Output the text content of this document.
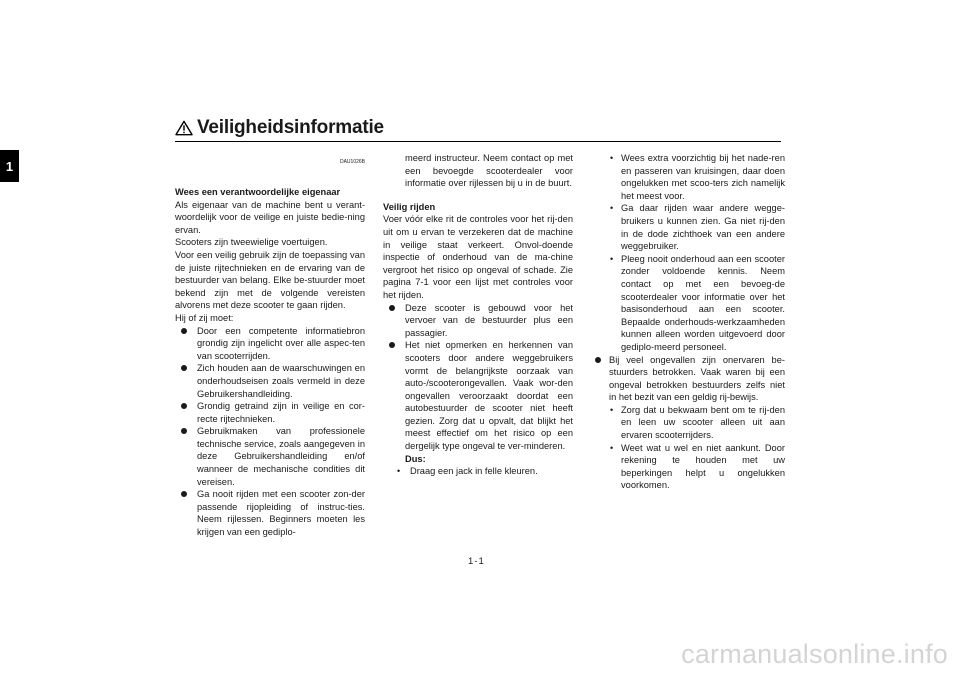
1
Veiligheidsinformatie
DAU1026B

Wees een verantwoordelijke eigenaar

Als eigenaar van de machine bent u verant-woordelijk voor de veilige en juiste bedie-ning ervan.

Scooters zijn tweewielige voertuigen.

Voor een veilig gebruik zijn de toepassing van de juiste rijtechnieken en de ervaring van de bestuurder van belang. Elke be-stuurder moet bekend zijn met de volgende vereisten alvorens met deze scooter te gaan rijden.

Hij of zij moet:

Door een competente informatiebron grondig zijn ingelicht over alle aspec-ten van scooterrijden.
Zich houden aan de waarschuwingen en onderhoudseisen zoals vermeld in deze Gebruikershandleiding.
Grondig getraind zijn in veilige en cor-recte rijtechnieken.
Gebruikmaken van professionele technische service, zoals aangegeven in deze Gebruikershandleiding en/of wanneer de mechanische condities dit vereisen.
Ga nooit rijden met een scooter zon-der passende rijopleiding of instruc-ties. Neem rijlessen. Beginners moeten les krijgen van een gediplo-

meerd instructeur. Neem contact op met een bevoegde scooterdealer voor informatie over rijlessen bij u in de buurt.

Veilig rijden

Voer vóór elke rit de controles voor het rij-den uit om u ervan te verzekeren dat de machine in veilige staat verkeert. Onvol-doende inspectie of onderhoud van de ma-chine vergroot het risico op ongeval of schade. Zie pagina 7-1 voor een lijst met controles voor het rijden.

Deze scooter is gebouwd voor het vervoer van de bestuurder plus een passagier.
Het niet opmerken en herkennen van scooters door andere weggebruikers vormt de belangrijkste oorzaak van auto-/scooterongevallen. Vaak wor-den ongevallen veroorzaakt doordat een autobestuurder de scooter niet heeft gezien. Zorg dat u opvalt, dat blijkt het meest effectief om het risico op een dergelijk type ongeval te ver-minderen.

Dus:

• Draag een jack in felle kleuren.
• Wees extra voorzichtig bij het nade-ren en passeren van kruisingen, daar doen ongelukken met scoo-ters zich namelijk het meest voor.
• Ga daar rijden waar andere wegge-bruikers u kunnen zien. Ga niet rij-den in de dode zichthoek van een andere weggebruiker.
• Pleeg nooit onderhoud aan een scooter zonder voldoende kennis. Neem contact op met een bevoeg-de scooterdealer voor informatie over het basisonderhoud aan een scooter. Bepaalde onderhouds-werkzaamheden kunnen alleen worden uitgevoerd door gediplo-meerd personeel.
Bij veel ongevallen zijn onervaren be-stuurders betrokken. Vaak waren bij een ongeval betrokken bestuurders zelfs niet in het bezit van een geldig rij-bewijs.
• Zorg dat u bekwaam bent om te rij-den en leen uw scooter alleen uit aan ervaren scooterrijders.
• Weet wat u wel en niet aankunt. Door rekening te houden met uw beperkingen helpt u ongelukken voorkomen.
1-1
carmanualsonline.info
